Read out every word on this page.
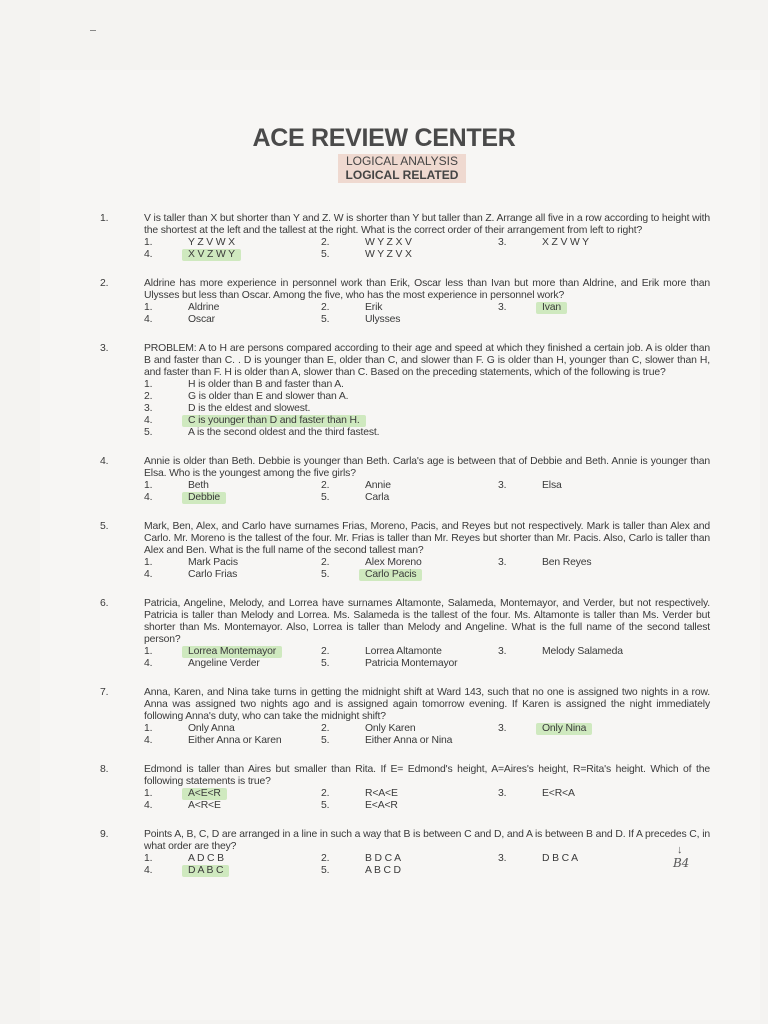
ACE REVIEW CENTER
LOGICAL ANALYSIS
LOGICAL RELATED
1.	V is taller than X but shorter than Y and Z. W is shorter than Y but taller than Z. Arrange all five in a row according to height with the shortest at the left and the tallest at the right. What is the correct order of their arrangement from left to right?
1.	Y Z V W X	2.	W Y Z X V	3.	X Z V W Y
4.	X V Z W Y	5.	W Y Z V X
2.	Aldrine has more experience in personnel work than Erik, Oscar less than Ivan but more than Aldrine, and Erik more than Ulysses but less than Oscar. Among the five, who has the most experience in personnel work?
1.	Aldrine	2.	Erik	3.	Ivan
4.	Oscar	5.	Ulysses
3.	PROBLEM: A to H are persons compared according to their age and speed at which they finished a certain job. A is older than B and faster than C. . D is younger than E, older than C, and slower than F. G is older than H, younger than C, slower than H, and faster than F. H is older than A, slower than C. Based on the preceding statements, which of the following is true?
1.	H is older than B and faster than A.
2.	G is older than E and slower than A.
3.	D is the eldest and slowest.
4.	C is younger than D and faster than H.
5.	A is the second oldest and the third fastest.
4.	Annie is older than Beth. Debbie is younger than Beth. Carla's age is between that of Debbie and Beth. Annie is younger than Elsa. Who is the youngest among the five girls?
1.	Beth	2.	Annie	3.	Elsa
4.	Debbie	5.	Carla
5.	Mark, Ben, Alex, and Carlo have surnames Frias, Moreno, Pacis, and Reyes but not respectively. Mark is taller than Alex and Carlo. Mr. Moreno is the tallest of the four. Mr. Frias is taller than Mr. Reyes but shorter than Mr. Pacis. Also, Carlo is taller than Alex and Ben. What is the full name of the second tallest man?
1.	Mark Pacis	2.	Alex Moreno	3.	Ben Reyes
4.	Carlo Frias	5.	Carlo Pacis
6.	Patricia, Angeline, Melody, and Lorrea have surnames Altamonte, Salameda, Montemayor, and Verder, but not respectively. Patricia is taller than Melody and Lorrea. Ms. Salameda is the tallest of the four. Ms. Altamonte is taller than Ms. Verder but shorter than Ms. Montemayor. Also, Lorrea is taller than Melody and Angeline. What is the full name of the second tallest person?
1.	Lorrea Montemayor	2.	Lorrea Altamonte	3.	Melody Salameda
4.	Angeline Verder	5.	Patricia Montemayor
7.	Anna, Karen, and Nina take turns in getting the midnight shift at Ward 143, such that no one is assigned two nights in a row. Anna was assigned two nights ago and is assigned again tomorrow evening. If Karen is assigned the night immediately following Anna's duty, who can take the midnight shift?
1.	Only Anna	2.	Only Karen	3.	Only Nina
4.	Either Anna or Karen	5.	Either Anna or Nina
8.	Edmond is taller than Aires but smaller than Rita. If E= Edmond's height, A=Aires's height, R=Rita's height. Which of the following statements is true?
1.	A<E<R	2.	R<A<E	3.	E<R<A
4.	A<R<E	5.	E<A<R
9.	Points A, B, C, D are arranged in a line in such a way that B is between C and D, and A is between B and D. If A precedes C, in what order are they?
1.	A D C B	2.	B D C A	3.	D B C A
4.	D A B C	5.	A B C D
↓
B4
